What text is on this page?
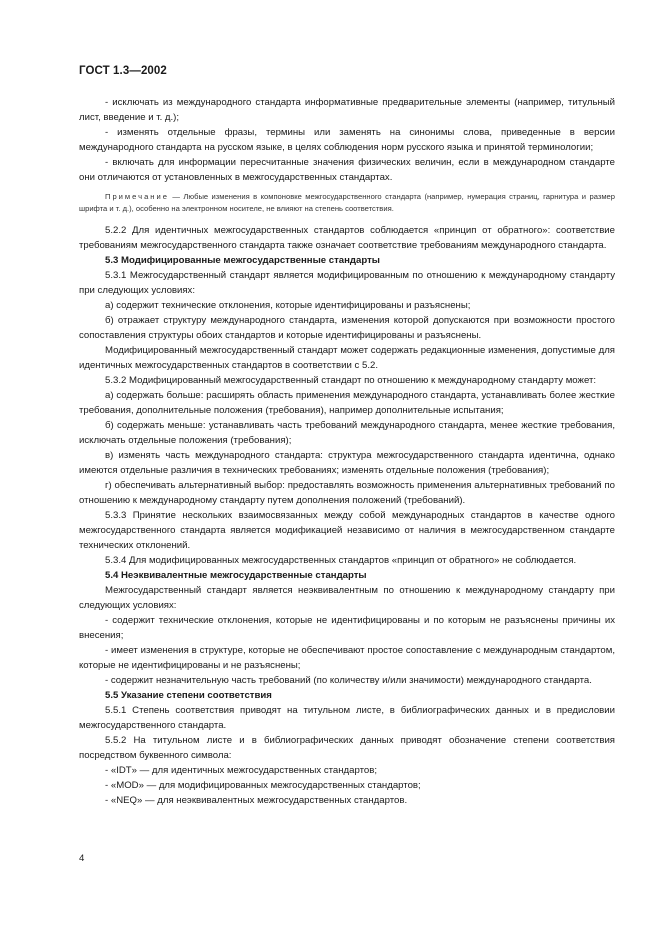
ГОСТ 1.3—2002

- исключать из международного стандарта информативные предварительные элементы (например, титульный лист, введение и т. д.);

- изменять отдельные фразы, термины или заменять на синонимы слова, приведенные в версии международного стандарта на русском языке, в целях соблюдения норм русского языка и принятой терминологии;

- включать для информации пересчитанные значения физических величин, если в международном стандарте они отличаются от установленных в межгосударственных стандартах.

Примечание — Любые изменения в компоновке межгосударственного стандарта (например, нумерация страниц, гарнитура и размер шрифта и т. д.), особенно на электронном носителе, не влияют на степень соответствия.

5.2.2 Для идентичных межгосударственных стандартов соблюдается «принцип от обратного»: соответствие требованиям межгосударственного стандарта также означает соответствие требованиям международного стандарта.

5.3 Модифицированные межгосударственные стандарты

5.3.1 Межгосударственный стандарт является модифицированным по отношению к международному стандарту при следующих условиях:

а) содержит технические отклонения, которые идентифицированы и разъяснены;

б) отражает структуру международного стандарта, изменения которой допускаются при возможности простого сопоставления структуры обоих стандартов и которые идентифицированы и разъяснены.

Модифицированный межгосударственный стандарт может содержать редакционные изменения, допустимые для идентичных межгосударственных стандартов в соответствии с 5.2.

5.3.2 Модифицированный межгосударственный стандарт по отношению к международному стандарту может:

а) содержать больше: расширять область применения международного стандарта, устанавливать более жесткие требования, дополнительные положения (требования), например дополнительные испытания;

б) содержать меньше: устанавливать часть требований международного стандарта, менее жесткие требования, исключать отдельные положения (требования);

в) изменять часть международного стандарта: структура межгосударственного стандарта идентична, однако имеются отдельные различия в технических требованиях; изменять отдельные положения (требования);

г) обеспечивать альтернативный выбор: предоставлять возможность применения альтернативных требований по отношению к международному стандарту путем дополнения положений (требований).

5.3.3 Принятие нескольких взаимосвязанных между собой международных стандартов в качестве одного межгосударственного стандарта является модификацией независимо от наличия в межгосударственном стандарте технических отклонений.

5.3.4 Для модифицированных межгосударственных стандартов «принцип от обратного» не соблюдается.

5.4 Неэквивалентные межгосударственные стандарты

Межгосударственный стандарт является неэквивалентным по отношению к международному стандарту при следующих условиях:

- содержит технические отклонения, которые не идентифицированы и по которым не разъяснены причины их внесения;

- имеет изменения в структуре, которые не обеспечивают простое сопоставление с международным стандартом, которые не идентифицированы и не разъяснены;

- содержит незначительную часть требований (по количеству и/или значимости) международного стандарта.

5.5 Указание степени соответствия

5.5.1 Степень соответствия приводят на титульном листе, в библиографических данных и в предисловии межгосударственного стандарта.

5.5.2 На титульном листе и в библиографических данных приводят обозначение степени соответствия посредством буквенного символа:

- «IDT» — для идентичных межгосударственных стандартов;

- «MOD» — для модифицированных межгосударственных стандартов;

- «NEQ» — для неэквивалентных межгосударственных стандартов.

4
